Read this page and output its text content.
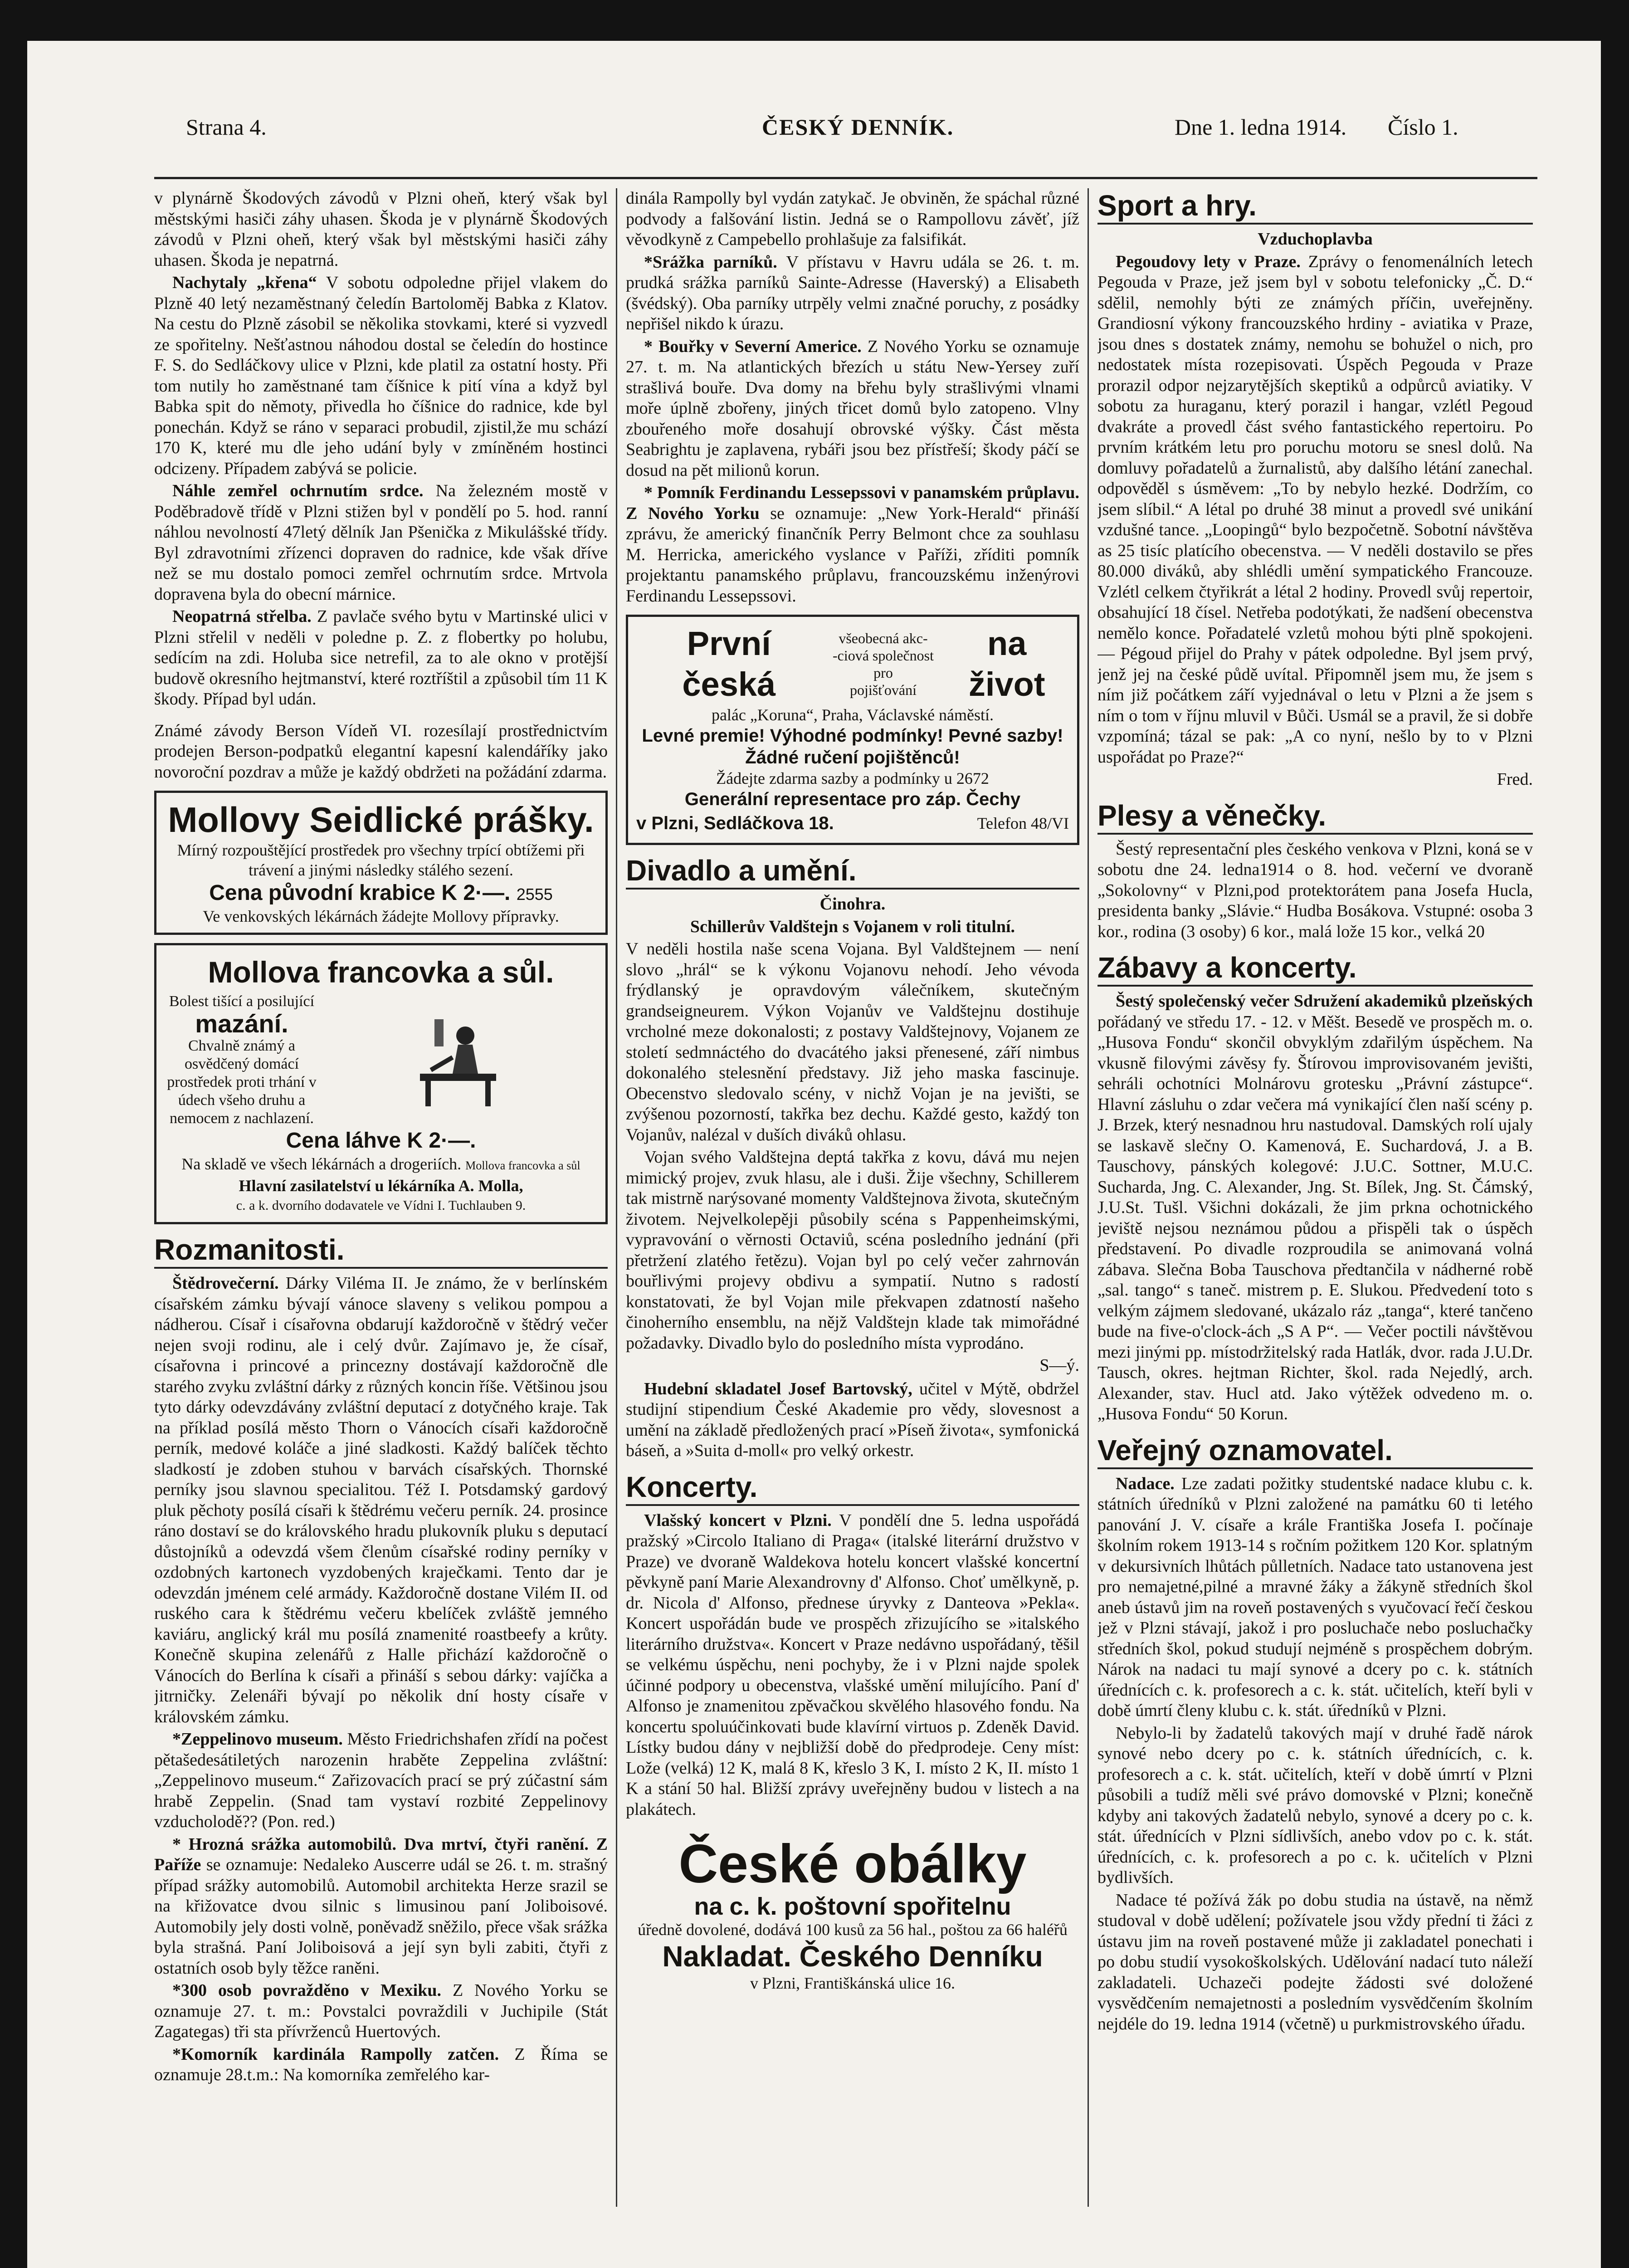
Strana 4.	ČESKÝ DENNÍK.	Dne 1. ledna 1914. Číslo 1.

v plynárně Škodových závodů v Plzni oheň, který však byl městskými hasiči záhy uhasen. Škoda je v plynárně Škodových závodů v Plzni oheň, který však byl městskými hasiči záhy uhasen. Škoda je nepatrná.

Nachytaly „křena“ V sobotu odpoledne přijel vlakem do Plzně 40 letý nezaměstnaný čeledín Bartoloměj Babka z Klatov. Na cestu do Plzně zásobil se několika stovkami, které si vyzvedl ze spořitelny. Nešťastnou náhodou dostal se čeledín do hostince F. S. do Sedláčkovy ulice v Plzni, kde platil za ostatní hosty. Při tom nutily ho zaměstnané tam číšnice k pití vína a když byl Babka spit do němoty, přivedla ho číšnice do radnice, kde byl ponechán. Když se ráno v separaci probudil, zjistil,že mu schází 170 K, které mu dle jeho udání byly v zmíněném hostinci odcizeny. Případem zabývá se policie.

Náhle zemřel ochrnutím srdce. Na železném mostě v Poděbradově třídě v Plzni stižen byl v pondělí po 5. hod. ranní náhlou nevolností 47letý dělník Jan Pšenička z Mikulášské třídy. Byl zdravotními zřízenci dopraven do radnice, kde však dříve než se mu dostalo pomoci zemřel ochrnutím srdce. Mrtvola dopravena byla do obecní márnice.

Neopatrná střelba. Z pavlače svého bytu v Martinské ulici v Plzni střelil v neděli v poledne p. Z. z flobertky po holubu, sedícím na zdi. Holuba sice netrefil, za to ale okno v protější budově okresního hejtmanství, které roztříštil a způsobil tím 11 K škody. Případ byl udán.

Známé závody Berson Vídeň VI. rozesílají prostřednictvím prodejen Berson-podpatků elegantní kapesní kalendáříky jako novoroční pozdrav a může je každý obdržeti na požádání zdarma.

Mollovy Seidlické prášky.
Mírný rozpouštějící prostředek pro všechny trpící obtížemi při trávení a jinými následky stálého sezení.
Cena původní krabice K 2·—. 2555
Ve venkovských lékárnách žádejte Mollovy přípravky.
Mollova francovka a sůl.
Bolest tišící a posilující
mazání.
Chvalně známý a osvědčený domácí prostředek proti trhání v údech všeho druhu a nemocem z nachlazení.
Cena láhve K 2·—.
Na skladě ve všech lékárnách a drogeriích. Mollova francovka a sůl
Hlavní zasilatelství u lékárníka A. Molla,
c. a k. dvorního dodavatele ve Vídni I. Tuchlauben 9.
Rozmanitosti.

Štědrovečerní. Dárky Viléma II. Je známo, že v berlínském císařském zámku bývají vánoce slaveny s velikou pompou a nádherou. Císař i císařovna obdarují každoročně v štědrý večer nejen svoji rodinu, ale i celý dvůr. Zajímavo je, že císař, císařovna i princové a princezny dostávají každoročně dle starého zvyku zvláštní dárky z různých koncin říše. Většinou jsou tyto dárky odevzdávány zvláštní deputací z dotyčného kraje. Tak na příklad posílá město Thorn o Vánocích císaři každoročně perník, medové koláče a jiné sladkosti. Každý balíček těchto sladkostí je zdoben stuhou v barvách císařských. Thornské perníky jsou slavnou specialitou. Též I. Potsdamský gardový pluk pěchoty posílá císaři k štědrému večeru perník. 24. prosince ráno dostaví se do královského hradu plukovník pluku s deputací důstojníků a odevzdá všem členům císařské rodiny perníky v ozdobných kartonech vyzdobených kraječkami. Tento dar je odevzdán jménem celé armády. Každoročně dostane Vilém II. od ruského cara k štědrému večeru kbelíček zvláště jemného kaviáru, anglický král mu posílá znamenité roastbeefy a krůty. Konečně skupina zelenářů z Halle přichází každoročně o Vánocích do Berlína k císaři a přináší s sebou dárky: vajíčka a jitrničky. Zelenáři bývají po několik dní hosty císaře v královském zámku.

*Zeppelinovo museum. Město Friedrichshafen zřídí na počest pětašedesátiletých narozenin hraběte Zeppelina zvláštní: „Zeppelinovo museum.“ Zařizovacích prací se prý zúčastní sám hrabě Zeppelin. (Snad tam vystaví rozbité Zeppelinovy vzducholodě?? (Pon. red.)

* Hrozná srážka automobilů. Dva mrtví, čtyři ranění. Z Paříže se oznamuje: Nedaleko Auscerre udál se 26. t. m. strašný případ srážky automobilů. Automobil architekta Herze srazil se na křižovatce dvou silnic s limusinou paní Joliboisové. Automobily jely dosti volně, poněvadž sněžilo, přece však srážka byla strašná. Paní Joliboisová a její syn byli zabiti, čtyři z ostatních osob byly těžce raněni.

*300 osob povražděno v Mexiku. Z Nového Yorku se oznamuje 27. t. m.: Povstalci povraždili v Juchipile (Stát Zagategas) tři sta přívrženců Huertových.

*Komorník kardinála Rampolly zatčen. Z Říma se oznamuje 28.t.m.: Na komorníka zemřelého kar-

dinála Rampolly byl vydán zatykač. Je obviněn, že spáchal různé podvody a falšování listin. Jedná se o Rampollovu závěť, jíž věvodkyně z Campebello prohlašuje za falsifikát.

*Srážka parníků. V přístavu v Havru udála se 26. t. m. prudká srážka parníků Sainte-Adresse (Haverský) a Elisabeth (švédský). Oba parníky utrpěly velmi značné poruchy, z posádky nepřišel nikdo k úrazu.

* Bouřky v Severní Americe. Z Nového Yorku se oznamuje 27. t. m. Na atlantických březích u státu New-Yersey zuří strašlivá bouře. Dva domy na břehu byly strašlivými vlnami moře úplně zbořeny, jiných třicet domů bylo zatopeno. Vlny zbouřeného moře dosahují obrovské výšky. Část města Seabrightu je zaplavena, rybáři jsou bez přístřeší; škody páčí se dosud na pět milionů korun.

* Pomník Ferdinandu Lessepssovi v panamském průplavu. Z Nového Yorku se oznamuje: „New York-Herald“ přináší zprávu, že americký finančník Perry Belmont chce za souhlasu M. Herricka, amerického vyslance v Paříži, zříditi pomník projektantu panamského průplavu, francouzskému inženýrovi Ferdinandu Lessepssovi.

První česká
všeobecná akc-
-ciová společnost pro
pojišťování
na život
palác „Koruna“, Praha, Václavské náměstí.
Levné premie! Výhodné podmínky! Pevné sazby! Žádné ručení pojištěnců!
Žádejte zdarma sazby a podmínky u 2672
Generální representace pro záp. Čechy
v Plzni, Sedláčkova 18.	Telefon 48/VI
Divadlo a umění.
Činohra.
Schillerův Valdštejn s Vojanem v roli titulní.

V neděli hostila naše scena Vojana. Byl Valdštejnem — není slovo „hrál“ se k výkonu Vojanovu nehodí. Jeho vévoda frýdlanský je opravdovým válečníkem, skutečným grandseigneurem. Výkon Vojanův ve Valdštejnu dostihuje vrcholné meze dokonalosti; z postavy Valdštejnovy, Vojanem ze století sedmnáctého do dvacátého jaksi přenesené, září nimbus dokonalého stelesnění představy. Již jeho maska fascinuje. Obecenstvo sledovalo scény, v nichž Vojan je na jevišti, se zvýšenou pozorností, takřka bez dechu. Každé gesto, každý ton Vojanův, nalézal v duších diváků ohlasu.

Vojan svého Valdštejna deptá takřka z kovu, dává mu nejen mimický projev, zvuk hlasu, ale i duši. Žije všechny, Schillerem tak mistrně narýsované momenty Valdštejnova života, skutečným životem. Nejvelkolepěji působily scéna s Pappenheimskými, vypravování o věrnosti Octaviů, scéna posledního jednání (při přetržení zlatého řetězu). Vojan byl po celý večer zahrnován bouřlivými projevy obdivu a sympatií. Nutno s radostí konstatovati, že byl Vojan mile překvapen zdatností našeho činoherního ensemblu, na nějž Valdštejn klade tak mimořádné požadavky. Divadlo bylo do posledního místa vyprodáno.

S—ý.

Hudební skladatel Josef Bartovský, učitel v Mýtě, obdržel studijní stipendium České Akademie pro vědy, slovesnost a umění na základě předložených prací »Píseň života«, symfonická báseň, a »Suita d-moll« pro velký orkestr.

Koncerty.

Vlašský koncert v Plzni. V pondělí dne 5. ledna uspořádá pražský »Circolo Italiano di Praga« (italské literární družstvo v Praze) ve dvoraně Waldekova hotelu koncert vlašské koncertní pěvkyně paní Marie Alexandrovny d' Alfonso. Choť umělkyně, p. dr. Nicola d' Alfonso, přednese úryvky z Danteova »Pekla«. Koncert uspořádán bude ve prospěch zřizujícího se »italského literárního družstva«. Koncert v Praze nedávno uspořádaný, těšil se velkému úspěchu, neni pochyby, že i v Plzni najde spolek účinné podpory u obecenstva, vlašské umění milujícího. Paní d' Alfonso je znamenitou zpěvačkou skvělého hlasového fondu. Na koncertu spoluúčinkovati bude klavírní virtuos p. Zdeněk David. Lístky budou dány v nejbližší době do předprodeje. Ceny míst: Lože (velká) 12 K, malá 8 K, křeslo 3 K, I. místo 2 K, II. místo 1 K a stání 50 hal. Bližší zprávy uveřejněny budou v listech a na plakátech.

České obálky
na c. k. poštovní spořitelnu
úředně dovolené, dodává 100 kusů za 56 hal., poštou za 66 haléřů
Nakladat. Českého Denníku
v Plzni, Františkánská ulice 16.
Sport a hry.
Vzduchoplavba

Pegoudovy lety v Praze. Zprávy o fenomenálních letech Pegouda v Praze, jež jsem byl v sobotu telefonicky „Č. D.“ sdělil, nemohly býti ze známých příčin, uveřejněny. Grandiosní výkony francouzského hrdiny - aviatika v Praze, jsou dnes s dostatek známy, nemohu se bohužel o nich, pro nedostatek místa rozepisovati. Úspěch Pegouda v Praze prorazil odpor nejzarytějších skeptiků a odpůrců aviatiky. V sobotu za huraganu, který porazil i hangar, vzlétl Pegoud dvakráte a provedl část svého fantastického repertoiru. Po prvním krátkém letu pro poruchu motoru se snesl dolů. Na domluvy pořadatelů a žurnalistů, aby dalšího létání zanechal. odpověděl s úsměvem: „To by nebylo hezké. Dodržím, co jsem slíbil.“ A létal po druhé 38 minut a provedl své unikání vzdušné tance. „Loopingů“ bylo bezpočetně. Sobotní návštěva as 25 tisíc platícího obecenstva. — V neděli dostavilo se přes 80.000 diváků, aby shlédli umění sympatického Francouze. Vzlétl celkem čtyřikrát a létal 2 hodiny. Provedl svůj repertoir, obsahující 18 čísel. Netřeba podotýkati, že nadšení obecenstva nemělo konce. Pořadatelé vzletů mohou býti plně spokojeni. — Pégoud přijel do Prahy v pátek odpoledne. Byl jsem prvý, jenž jej na české půdě uvítal. Připomněl jsem mu, že jsem s ním již počátkem září vyjednával o letu v Plzni a že jsem s ním o tom v říjnu mluvil v Bůči. Usmál se a pravil, že si dobře vzpomíná; tázal se pak: „A co nyní, nešlo by to v Plzni uspořádat po Praze?“

Fred.
Plesy a věnečky.

Šestý representační ples českého venkova v Plzni, koná se v sobotu dne 24. ledna1914 o 8. hod. večerní ve dvoraně „Sokolovny“ v Plzni,pod protektorátem pana Josefa Hucla, presidenta banky „Slávie.“ Hudba Bosákova. Vstupné: osoba 3 kor., rodina (3 osoby) 6 kor., malá lože 15 kor., velká 20

Zábavy a koncerty.

Šestý společenský večer Sdružení akademiků plzeňských pořádaný ve středu 17. - 12. v Měšt. Besedě ve prospěch m. o. „Husova Fondu“ skončil obvyklým zdařilým úspěchem. Na vkusně filovými závěsy fy. Štírovou improvisovaném jevišti, sehráli ochotníci Molnárovu grotesku „Právní zástupce“. Hlavní zásluhu o zdar večera má vynikající člen naší scény p. J. Brzek, který nesnadnou hru nastudoval. Damských rolí ujaly se laskavě slečny O. Kamenová, E. Suchardová, J. a B. Tauschovy, pánských kolegové: J.U.C. Sottner, M.U.C. Sucharda, Jng. C. Alexander, Jng. St. Bílek, Jng. St. Čámský, J.U.St. Tušl. Všichni dokázali, že jim prkna ochotnického jeviště nejsou neznámou půdou a přispěli tak o úspěch představení. Po divadle rozproudila se animovaná volná zábava. Slečna Boba Tauschova předtančila v nádherné robě „sal. tango“ s taneč. mistrem p. E. Slukou. Předvedení toto s velkým zájmem sledované, ukázalo ráz „tanga“, které tančeno bude na five-o'clock-ách „S A P“. — Večer poctili návštěvou mezi jinými pp. místodržitelský rada Hatlák, dvor. rada J.U.Dr. Tausch, okres. hejtman Richter, škol. rada Nejedlý, arch. Alexander, stav. Hucl atd. Jako výtěžek odvedeno m. o. „Husova Fondu“ 50 Korun.

Veřejný oznamovatel.

Nadace. Lze zadati požitky studentské nadace klubu c. k. státních úředníků v Plzni založené na památku 60 ti letého panování J. V. císaře a krále Františka Josefa I. počínaje školním rokem 1913-14 s ročním požitkem 120 Kor. splatným v dekursivních lhůtách půlletních. Nadace tato ustanovena jest pro nemajetné,pilné a mravné žáky a žákyně středních škol aneb ústavů jim na roveň postavených s vyučovací řečí českou jež v Plzni stávají, jakož i pro posluchače nebo posluchačky středních škol, pokud studují nejméně s prospěchem dobrým. Nárok na nadaci tu mají synové a dcery po c. k. státních úřednících c. k. profesorech a c. k. stát. učitelích, kteří byli v době úmrtí členy klubu c. k. stát. úředníků v Plzni.

Nebylo-li by žadatelů takových mají v druhé řadě nárok synové nebo dcery po c. k. státních úřednících, c. k. profesorech a c. k. stát. učitelích, kteří v době úmrtí v Plzni působili a tudíž měli své právo domovské v Plzni; konečně kdyby ani takových žadatelů nebylo, synové a dcery po c. k. stát. úřednících v Plzni sídlivších, anebo vdov po c. k. stát. úřednících, c. k. profesorech a po c. k. učitelích v Plzni bydlivších.

Nadace té požívá žák po dobu studia na ústavě, na němž studoval v době udělení; požívatele jsou vždy přední ti žáci z ústavu jim na roveň postavené může ji zakladatel ponechati i po dobu studií vysokoškolských. Udělování nadací tuto náleží zakladateli. Uchazeči podejte žádosti své doložené vysvědčením nemajetnosti a posledním vysvědčením školním nejdéle do 19. ledna 1914 (včetně) u purkmistrovského úřadu.
